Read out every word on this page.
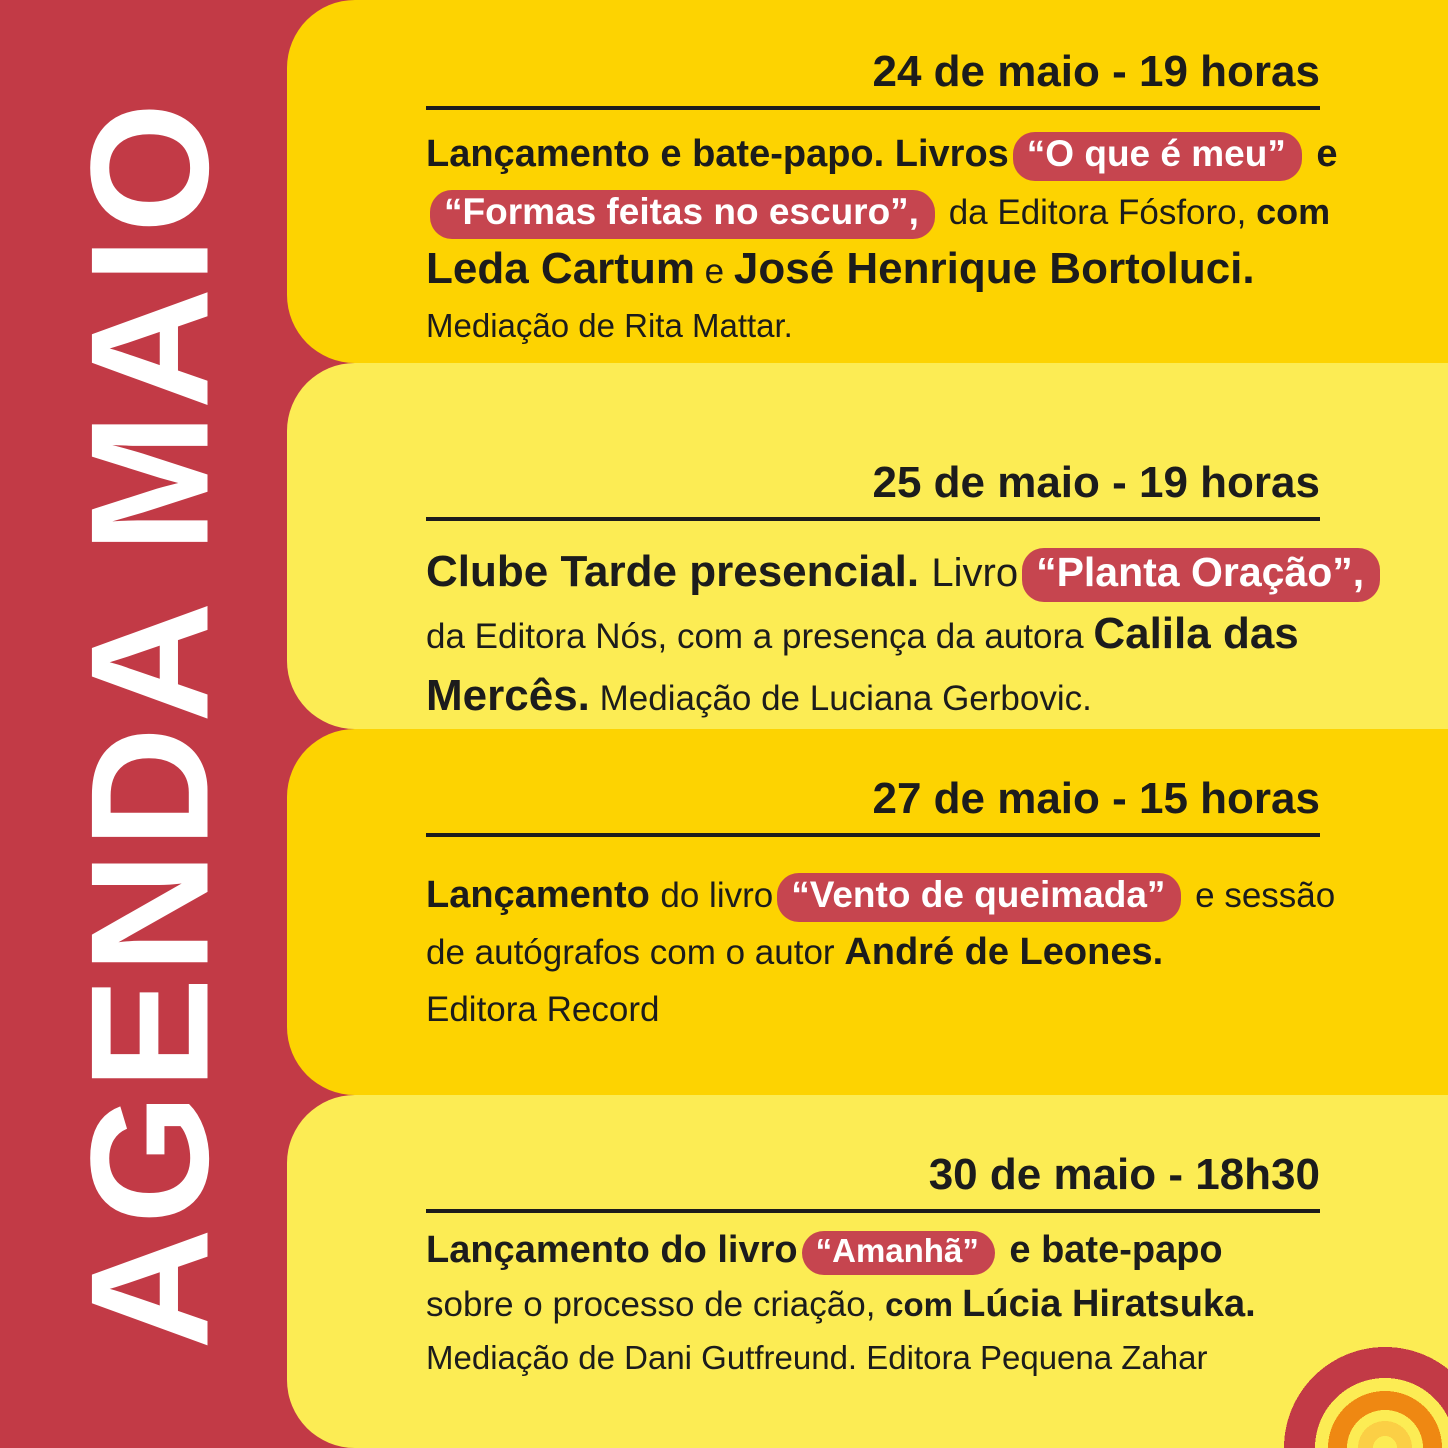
AGENDA MAIO
24 de maio - 19 horas
Lançamento e bate-papo. Livros “O que é meu” e
“Formas feitas no escuro”, da Editora Fósforo, com
Leda Cartum e José Henrique Bortoluci.
Mediação de Rita Mattar.
25 de maio - 19 horas
Clube Tarde presencial. Livro “Planta Oração”,
da Editora Nós, com a presença da autora Calila das
Mercês. Mediação de Luciana Gerbovic.
27 de maio - 15 horas
Lançamento do livro “Vento de queimada” e sessão
de autógrafos com o autor André de Leones.
Editora Record
30 de maio - 18h30
Lançamento do livro “Amanhã” e bate-papo
sobre o processo de criação, com Lúcia Hiratsuka.
Mediação de Dani Gutfreund. Editora Pequena Zahar
